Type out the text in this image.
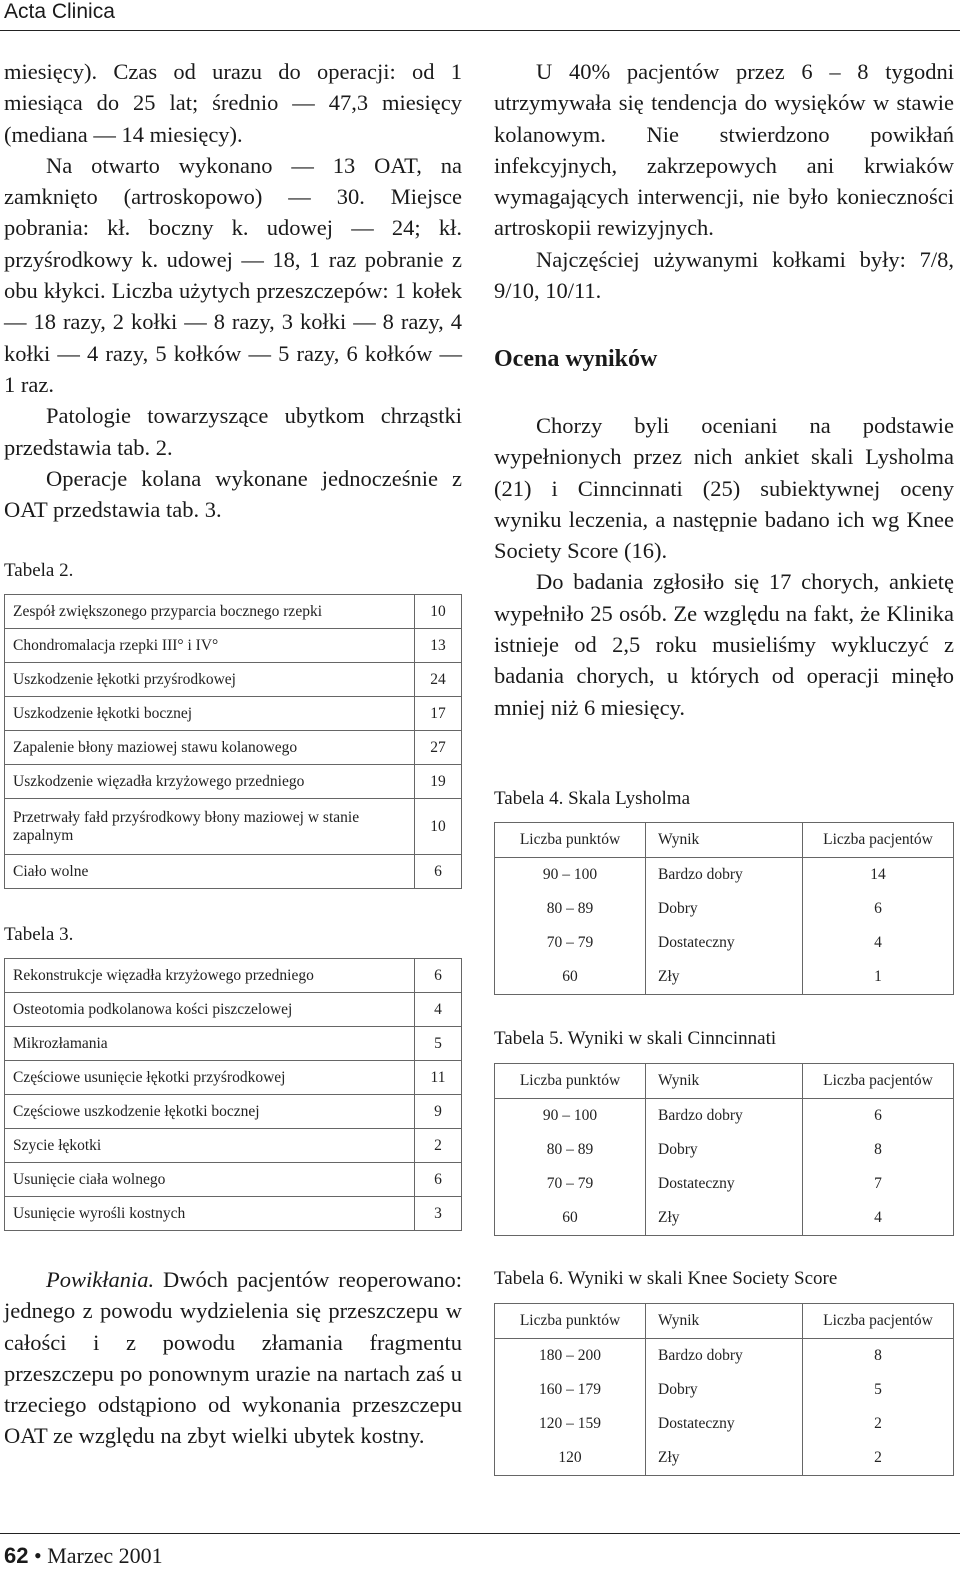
Acta Clinica

miesięcy). Czas od urazu do operacji: od 1 miesiąca do 25 lat; średnio — 47,3 miesięcy (mediana — 14 miesięcy).

Na otwarto wykonano — 13 OAT, na zamknięto (artroskopowo) — 30. Miejsce pobrania: kł. boczny k. udowej — 24; kł. przyśrodkowy k. udowej — 18, 1 raz pobranie z obu kłykci. Liczba użytych przeszczepów: 1 kołek — 18 razy, 2 kołki — 8 razy, 3 kołki — 8 razy, 4 kołki — 4 razy, 5 kołków — 5 razy, 6 kołków — 1 raz.

Patologie towarzyszące ubytkom chrząstki przedstawia tab. 2.

Operacje kolana wykonane jednocześnie z OAT przedstawia tab. 3.

Tabela 2.
Zespół zwiększonego przyparcia bocznego rzepki	10

Chondromalacja rzepki III° i IV°	13

Uszkodzenie łękotki przyśrodkowej	24

Uszkodzenie łękotki bocznej	17

Zapalenie błony maziowej stawu kolanowego	27

Uszkodzenie więzadła krzyżowego przedniego	19

Przetrwały fałd przyśrodkowy błony maziowej w stanie zapalnym	10

Ciało wolne	6
Tabela 3.
Rekonstrukcje więzadła krzyżowego przedniego	6

Osteotomia podkolanowa kości piszczelowej	4

Mikrozłamania	5

Częściowe usunięcie łękotki przyśrodkowej	11

Częściowe uszkodzenie łękotki bocznej	9

Szycie łękotki	2

Usunięcie ciała wolnego	6

Usunięcie wyrośli kostnych	3

Powikłania. Dwóch pacjentów reoperowano: jednego z powodu wydzielenia się przeszczepu w całości i z powodu złamania fragmentu przeszczepu po ponownym urazie na nartach zaś u trzeciego odstąpiono od wykonania przeszczepu OAT ze względu na zbyt wielki ubytek kostny.

U 40% pacjentów przez 6 – 8 tygodni utrzymywała się tendencja do wysięków w stawie kolanowym. Nie stwierdzono powikłań infekcyjnych, zakrzepowych ani krwiaków wymagających interwencji, nie było konieczności artroskopii rewizyjnych.

Najczęściej używanymi kołkami były: 7/8, 9/10, 10/11.

Ocena wyników

Chorzy byli oceniani na podstawie wypełnionych przez nich ankiet skali Lysholma (21) i Cinncinnati (25) subiektywnej oceny wyniku leczenia, a następnie badano ich wg Knee Society Score (16).

Do badania zgłosiło się 17 chorych, ankietę wypełniło 25 osób. Ze względu na fakt, że Klinika istnieje od 2,5 roku musieliśmy wykluczyć z badania chorych, u których od operacji minęło mniej niż 6 miesięcy.

Tabela 4. Skala Lysholma
Liczba punktów	Wynik	Liczba pacjentów
90 – 100	Bardzo dobry	14
80 – 89	Dobry	6
70 – 79	Dostateczny	4
60	Zły	1
Tabela 5. Wyniki w skali Cinncinnati
Liczba punktów	Wynik	Liczba pacjentów
90 – 100	Bardzo dobry	6
80 – 89	Dobry	8
70 – 79	Dostateczny	7
60	Zły	4
Tabela 6. Wyniki w skali Knee Society Score
Liczba punktów	Wynik	Liczba pacjentów
180 – 200	Bardzo dobry	8
160 – 179	Dobry	5
120 – 159	Dostateczny	2
120	Zły	2
62 • Marzec 2001
